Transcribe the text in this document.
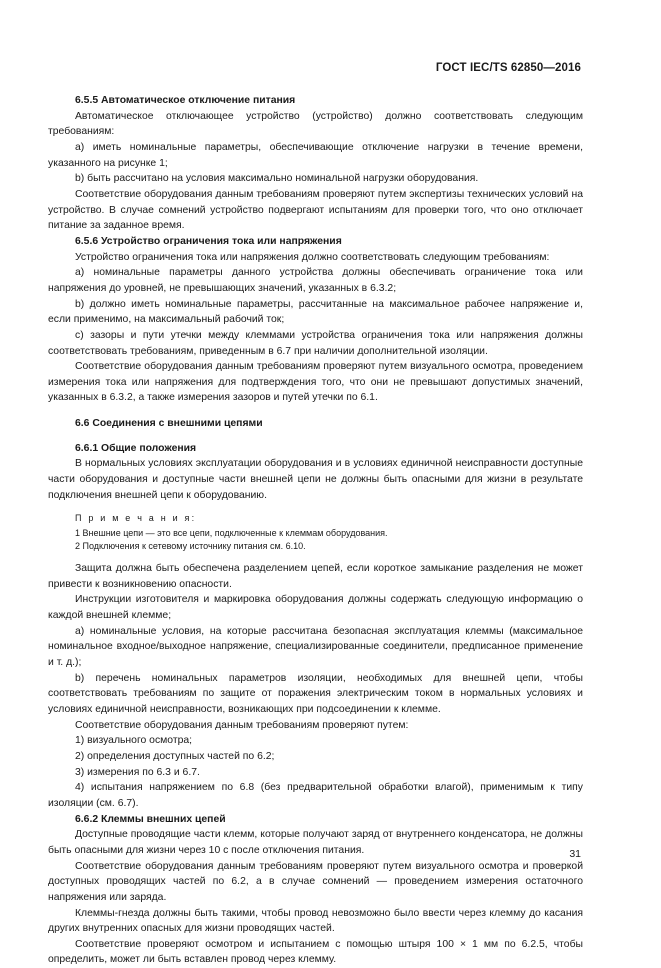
ГОСТ IEC/TS 62850—2016

6.5.5 Автоматическое отключение питания

Автоматическое отключающее устройство (устройство) должно соответствовать следующим требованиям:

a) иметь номинальные параметры, обеспечивающие отключение нагрузки в течение времени, указанного на рисунке 1;

b) быть рассчитано на условия максимально номинальной нагрузки оборудования.

Соответствие оборудования данным требованиям проверяют путем экспертизы технических условий на устройство. В случае сомнений устройство подвергают испытаниям для проверки того, что оно отключает питание за заданное время.

6.5.6 Устройство ограничения тока или напряжения

Устройство ограничения тока или напряжения должно соответствовать следующим требованиям:

a) номинальные параметры данного устройства должны обеспечивать ограничение тока или напряжения до уровней, не превышающих значений, указанных в 6.3.2;

b) должно иметь номинальные параметры, рассчитанные на максимальное рабочее напряжение и, если применимо, на максимальный рабочий ток;

c) зазоры и пути утечки между клеммами устройства ограничения тока или напряжения должны соответствовать требованиям, приведенным в 6.7 при наличии дополнительной изоляции.

Соответствие оборудования данным требованиям проверяют путем визуального осмотра, проведением измерения тока или напряжения для подтверждения того, что они не превышают допустимых значений, указанных в 6.3.2, а также измерения зазоров и путей утечки по 6.1.

6.6 Соединения с внешними цепями

6.6.1 Общие положения

В нормальных условиях эксплуатации оборудования и в условиях единичной неисправности доступные части оборудования и доступные части внешней цепи не должны быть опасными для жизни в результате подключения внешней цепи к оборудованию.

П р и м е ч а н и я:

1 Внешние цепи — это все цепи, подключенные к клеммам оборудования.

2 Подключения к сетевому источнику питания см. 6.10.

Защита должна быть обеспечена разделением цепей, если короткое замыкание разделения не может привести к возникновению опасности.

Инструкции изготовителя и маркировка оборудования должны содержать следующую информацию о каждой внешней клемме;

a) номинальные условия, на которые рассчитана безопасная эксплуатация клеммы (максимальное номинальное входное/выходное напряжение, специализированные соединители, предписанное применение и т. д.);

b) перечень номинальных параметров изоляции, необходимых для внешней цепи, чтобы соответствовать требованиям по защите от поражения электрическим током в нормальных условиях и условиях единичной неисправности, возникающих при подсоединении к клемме.

Соответствие оборудования данным требованиям проверяют путем:

1) визуального осмотра;

2) определения доступных частей по 6.2;

3) измерения по 6.3 и 6.7.

4) испытания напряжением по 6.8 (без предварительной обработки влагой), применимым к типу изоляции (см. 6.7).

6.6.2 Клеммы внешних цепей

Доступные проводящие части клемм, которые получают заряд от внутреннего конденсатора, не должны быть опасными для жизни через 10 с после отключения питания.

Соответствие оборудования данным требованиям проверяют путем визуального осмотра и проверкой доступных проводящих частей по 6.2, а в случае сомнений — проведением измерения остаточного напряжения или заряда.

Клеммы-гнезда должны быть такими, чтобы провод невозможно было ввести через клемму до касания других внутренних опасных для жизни проводящих частей.

Соответствие проверяют осмотром и испытанием с помощью штыря 100 × 1 мм по 6.2.5, чтобы определить, может ли быть вставлен провод через клемму.

31
